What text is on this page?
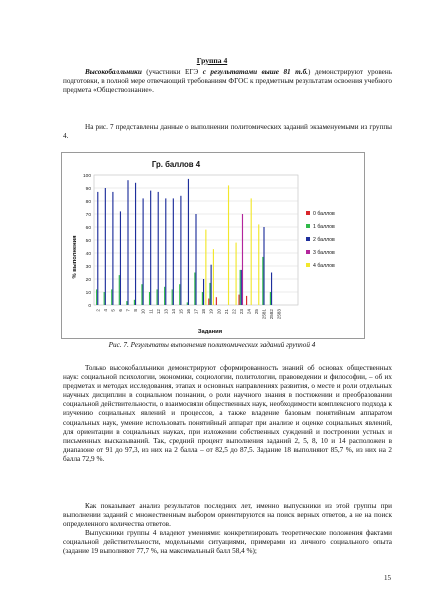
Группа 4

Высокобалльники (участники ЕГЭ с результатами выше 81 т.б.) демонстрируют уровень подготовки, в полной мере отвечающий требованиям ФГОС к предметным результатам освоения учебного предмета «Обществознание».

На рис. 7 представлены данные о выполнении политомических заданий экзаменуемыми из группы 4.

Гр. баллов 4
% выполнения
Задания
0
10
20
30
40
50
60
70
80
90
100
2 4 5 6 7 8 10 11 12 13 14 15 16 17 18 19 20 21 22 23 24 25 2581 2582 2583
0 баллов
1 баллов
2 баллов
3 баллов
4 баллов
Рис. 7. Результаты выполнения политомических заданий группой 4

Только высокобалльники демонстрируют сформированность знаний об основах общественных наук: социальной психологии, экономики, социологии, политологии, правоведении и философии, – об их предметах и методах исследования, этапах и основных направлениях развития, о месте и роли отдельных научных дисциплин в социальном познании, о роли научного знания в постижении и преобразовании социальной действительности, о взаимосвязи общественных наук, необходимости комплексного подхода к изучению социальных явлений и процессов, а также владение базовым понятийным аппаратом социальных наук, умение использовать понятийный аппарат при анализе и оценке социальных явлений, для ориентации в социальных науках, при изложении собственных суждений и построении устных и письменных высказываний. Так, средний процент выполнения заданий 2, 5, 8, 10 и 14 расположен в диапазоне от 91 до 97,3, из них на 2 балла – от 82,5 до 87,5. Задание 18 выполняют 85,7 %, из них на 2 балла 72,9 %.

Как показывает анализ результатов последних лет, именно выпускники из этой группы при выполнении заданий с множественным выбором ориентируются на поиск верных ответов, а не на поиск определенного количества ответов.

Выпускники группы 4 владеют умениями: конкретизировать теоретические положения фактами социальной действительности, модельными ситуациями, примерами из личного социального опыта (задание 19 выполняют 77,7 %, на максимальный балл 58,4 %);

15
